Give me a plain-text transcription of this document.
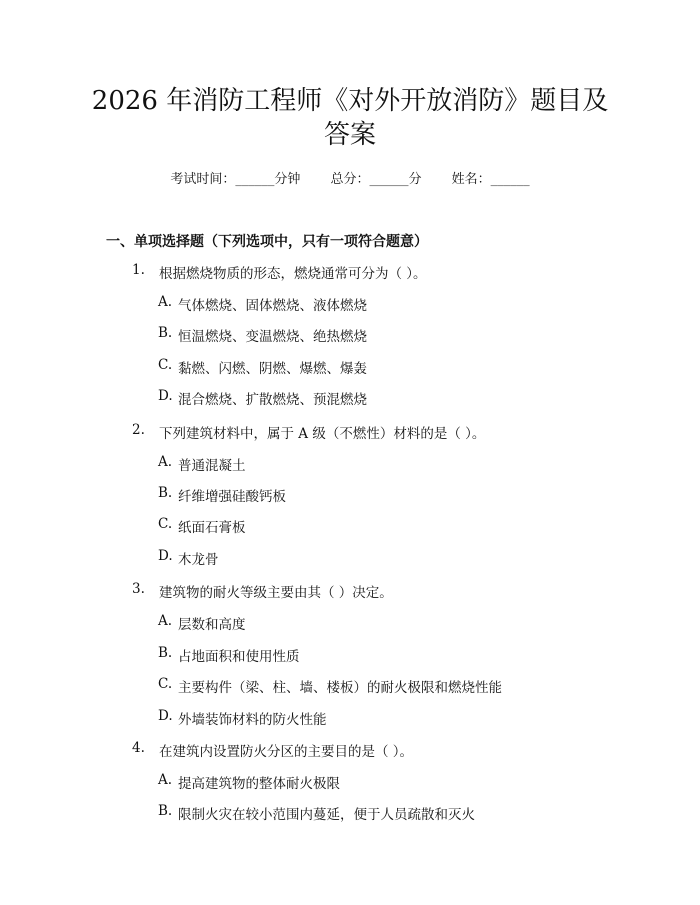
2026 年消防工程师《对外开放消防》题目及
答案
考试时间：______分钟 总分：______分 姓名：______
一、单项选择题（下列选项中，只有一项符合题意）
1. 根据燃烧物质的形态，燃烧通常可分为（ ）。
A. 气体燃烧、固体燃烧、液体燃烧
B. 恒温燃烧、变温燃烧、绝热燃烧
C. 黏燃、闪燃、阴燃、爆燃、爆轰
D. 混合燃烧、扩散燃烧、预混燃烧
2. 下列建筑材料中，属于 A 级（不燃性）材料的是（ ）。
A. 普通混凝土
B. 纤维增强硅酸钙板
C. 纸面石膏板
D. 木龙骨
3. 建筑物的耐火等级主要由其（ ）决定。
A. 层数和高度
B. 占地面积和使用性质
C. 主要构件（梁、柱、墙、楼板）的耐火极限和燃烧性能
D. 外墙装饰材料的防火性能
4. 在建筑内设置防火分区的主要目的是（ ）。
A. 提高建筑物的整体耐火极限
B. 限制火灾在较小范围内蔓延，便于人员疏散和灭火
